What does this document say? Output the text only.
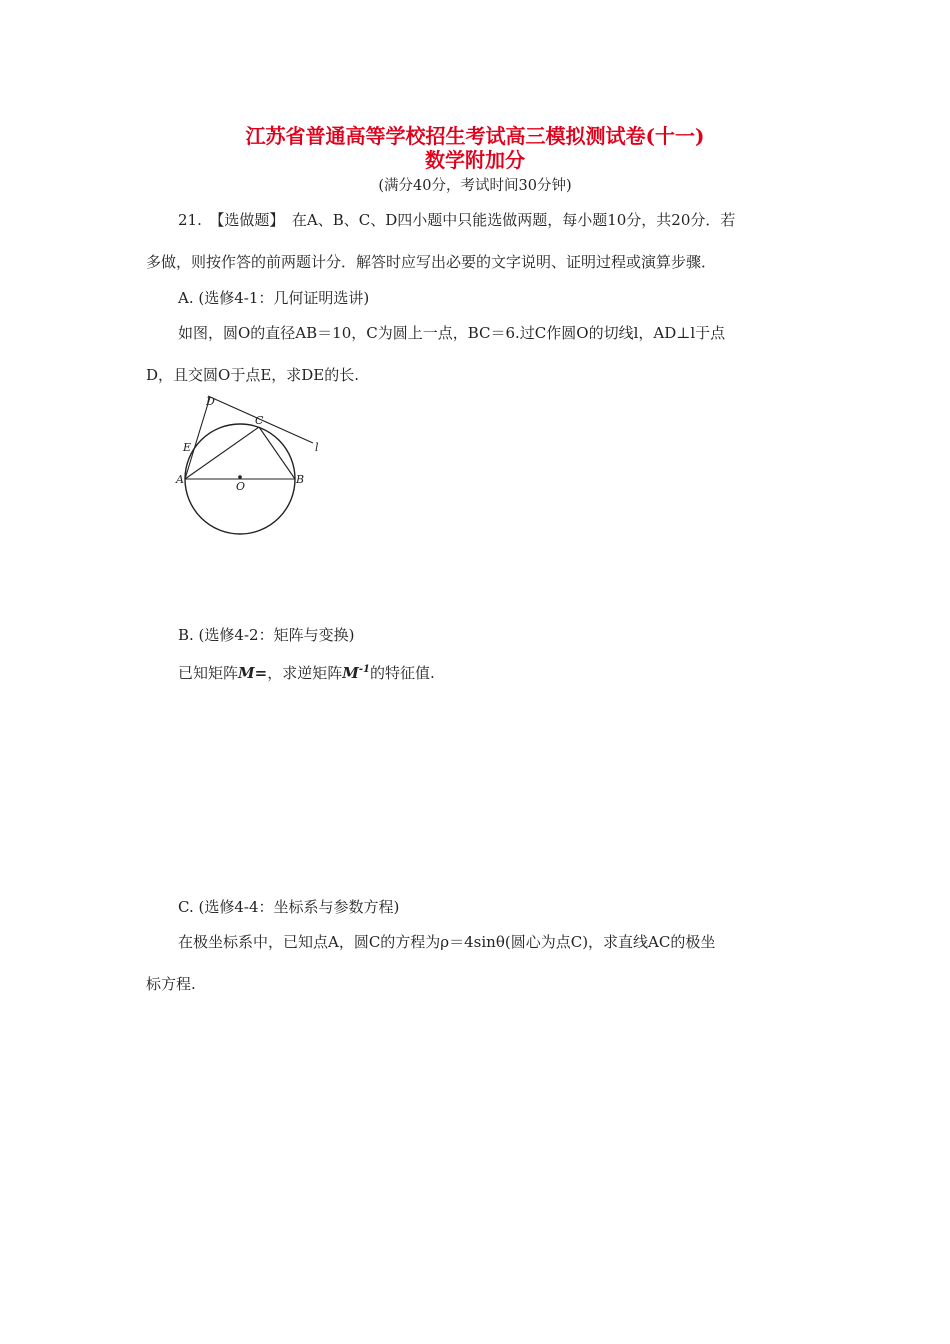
江苏省普通高等学校招生考试高三模拟测试卷(十一)
数学附加分
(满分40分，考试时间30分钟)
21.　【选做题】　在A、B、C、D四小题中只能选做两题，每小题10分，共20分．若
多做，则按作答的前两题计分．解答时应写出必要的文字说明、证明过程或演算步骤．
A. (选修4-1：几何证明选讲)
如图，圆O的直径AB＝10，C为圆上一点，BC＝6.过C作圆O的切线l，AD⊥l于点
D，且交圆O于点E，求DE的长.
D
C
E	l
A
O
B
B. (选修4-2：矩阵与变换)
已知矩阵M=，求逆矩阵$M^{-1}$的特征值.
C. (选修4-4：坐标系与参数方程)
在极坐标系中，已知点A，圆C的方程为ρ＝4sinθ(圆心为点C)，求直线AC的极坐
标方程.
